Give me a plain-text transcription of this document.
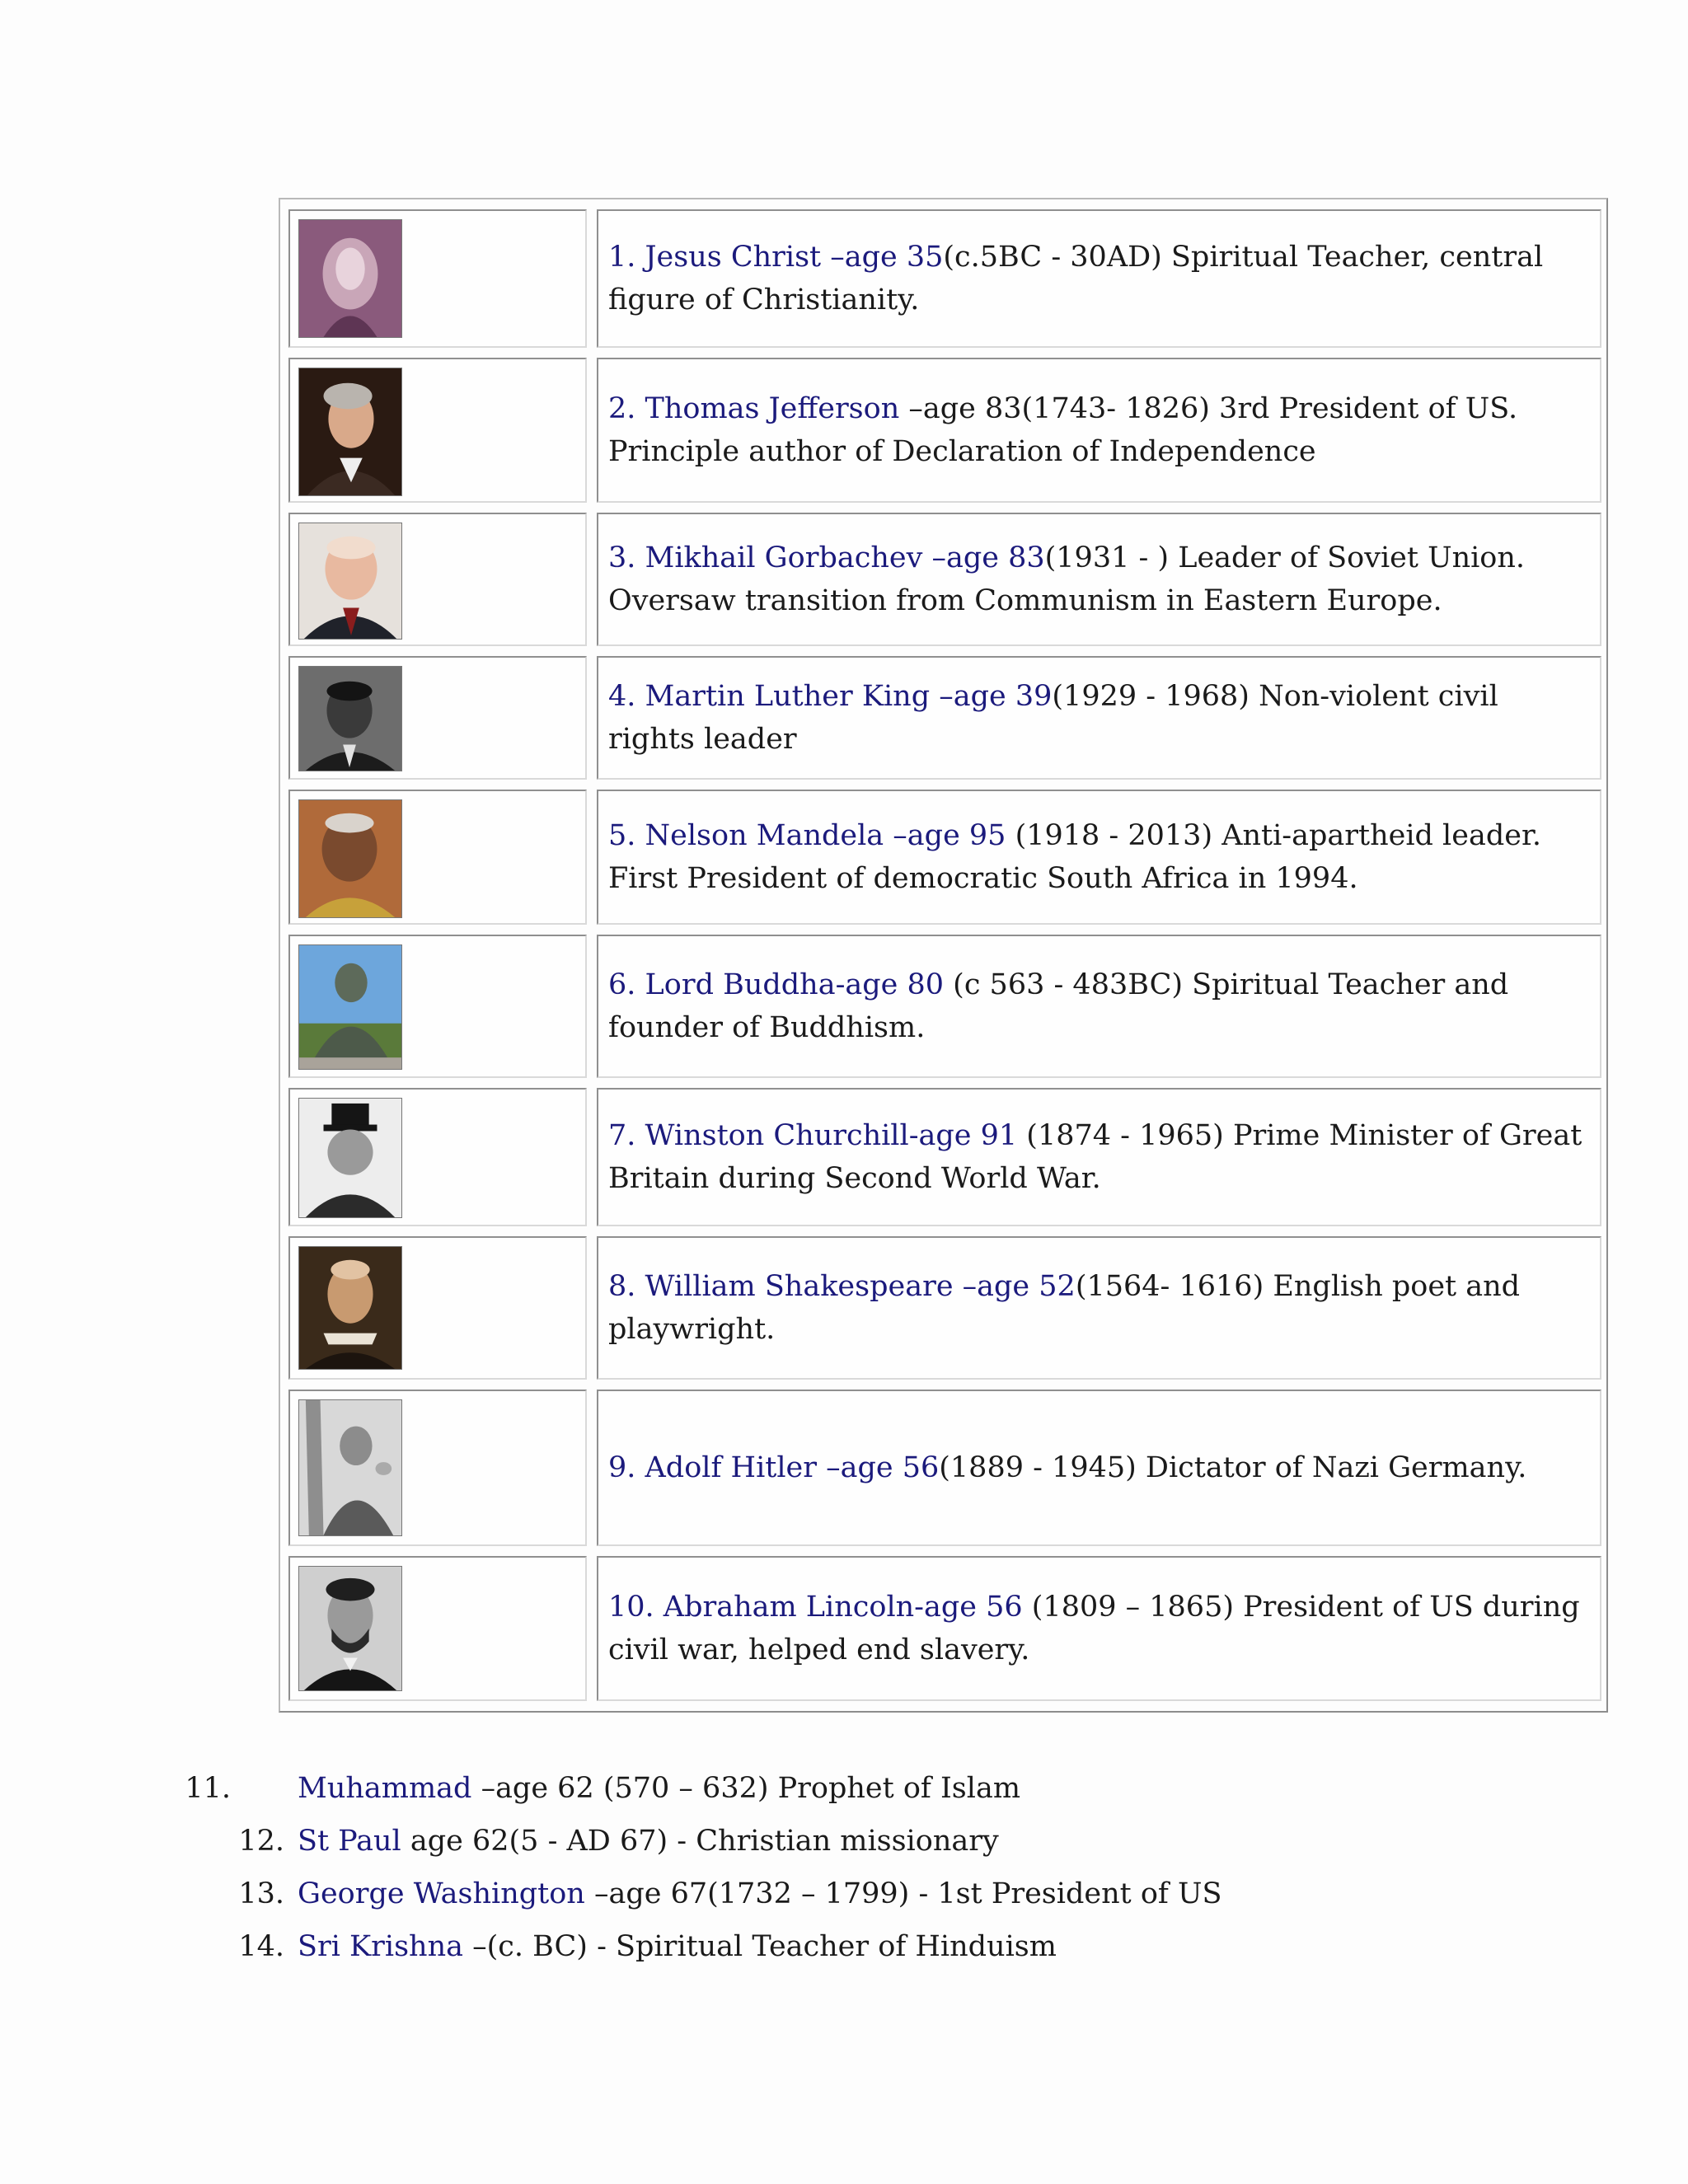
1. Jesus Christ –age 35(c.5BC - 30AD) Spiritual Teacher, central figure of Christianity.

2. Thomas Jefferson –age 83(1743- 1826) 3rd President of US. Principle author of Declaration of Independence

3. Mikhail Gorbachev –age 83(1931 - ) Leader of Soviet Union. Oversaw transition from Communism in Eastern Europe.

4. Martin Luther King –age 39(1929 - 1968) Non-violent civil rights leader

5. Nelson Mandela –age 95 (1918 - 2013) Anti-apartheid leader. First President of democratic South Africa in 1994.

6. Lord Buddha-age 80 (c 563 - 483BC) Spiritual Teacher and founder of Buddhism.

7. Winston Churchill-age 91 (1874 - 1965) Prime Minister of Great Britain during Second World War.

8. William Shakespeare –age 52(1564- 1616) English poet and playwright.

9. Adolf Hitler –age 56(1889 - 1945) Dictator of Nazi Germany.

10. Abraham Lincoln-age 56 (1809 – 1865) President of US during civil war, helped end slavery.

11. Muhammad –age 62 (570 – 632) Prophet of Islam
12. St Paul age 62(5 - AD 67) - Christian missionary
13. George Washington –age 67(1732 – 1799) - 1st President of US
14. Sri Krishna –(c. BC) - Spiritual Teacher of Hinduism
